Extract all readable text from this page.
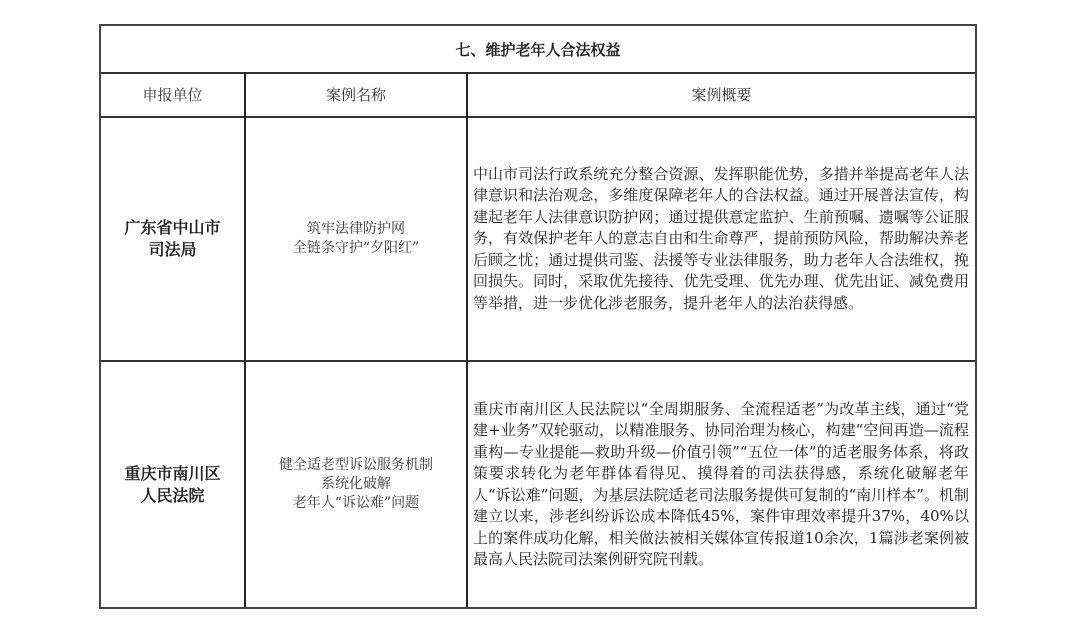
七、维护老年人合法权益
申报单位	案例名称	案例概要
广东省中山市
司法局
筑牢法律防护网
全链条守护“夕阳红”
中山市司法行政系统充分整合资源、发挥职能优势，多措并举提高老年人法律意识和法治观念，多维度保障老年人的合法权益。通过开展普法宣传，构建起老年人法律意识防护网；通过提供意定监护、生前预嘱、遗嘱等公证服务，有效保护老年人的意志自由和生命尊严，提前预防风险，帮助解决养老后顾之忧；通过提供司鉴、法援等专业法律服务，助力老年人合法维权，挽回损失。同时，采取优先接待、优先受理、优先办理、优先出证、减免费用等举措，进一步优化涉老服务，提升老年人的法治获得感。
重庆市南川区
人民法院
健全适老型诉讼服务机制
系统化破解
老年人“诉讼难”问题
重庆市南川区人民法院以“全周期服务、全流程适老”为改革主线，通过“党建+业务”双轮驱动，以精准服务、协同治理为核心，构建“空间再造—流程重构—专业提能—救助升级—价值引领”“五位一体”的适老服务体系，将政策要求转化为老年群体看得见、摸得着的司法获得感，系统化破解老年人“诉讼难”问题，为基层法院适老司法服务提供可复制的“南川样本”。机制建立以来，涉老纠纷诉讼成本降低45%，案件审理效率提升37%，40%以上的案件成功化解，相关做法被相关媒体宣传报道10余次，1篇涉老案例被最高人民法院司法案例研究院刊载。
